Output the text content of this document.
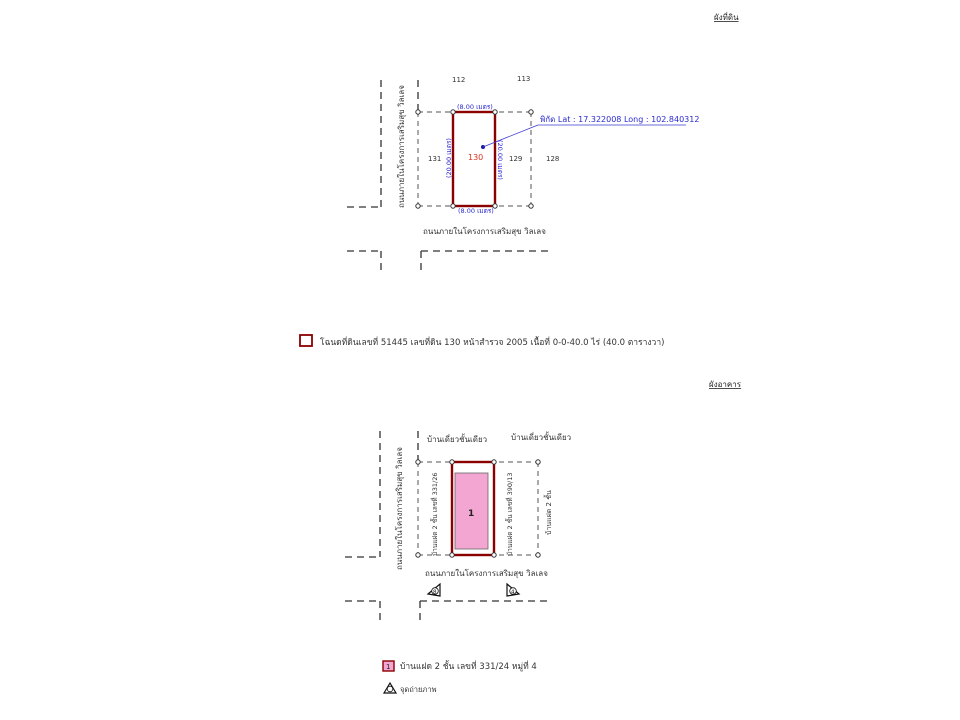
ผังที่ดิน
112	113
131	129	128
130
(8.00 เมตร)
(8.00 เมตร)
(20.00 เมตร)	(20.00 เมตร)
พิกัด Lat : 17.322008 Long : 102.840312
ถนนภายในโครงการเสริมสุข วิลเลจ
ถนนภายในโครงการเสริมสุข วิลเลจ
โฉนดที่ดินเลขที่ 51445 เลขที่ดิน 130 หน้าสำรวจ 2005 เนื้อที่ 0-0-40.0 ไร่ (40.0 ตารางวา)
ผังอาคาร
1
บ้านเดี่ยวชั้นเดียว	บ้านเดี่ยวชั้นเดียว
บ้านแฝด 2 ชั้น เลขที่ 331/26	บ้านแฝด 2 ชั้น เลขที่ 390/13	บ้านแฝด 2 ชั้น
ถนนภายในโครงการเสริมสุข วิลเลจ
ถนนภายในโครงการเสริมสุข วิลเลจ
8	4
1 บ้านแฝด 2 ชั้น เลขที่ 331/24 หมู่ที่ 4
จุดถ่ายภาพ
